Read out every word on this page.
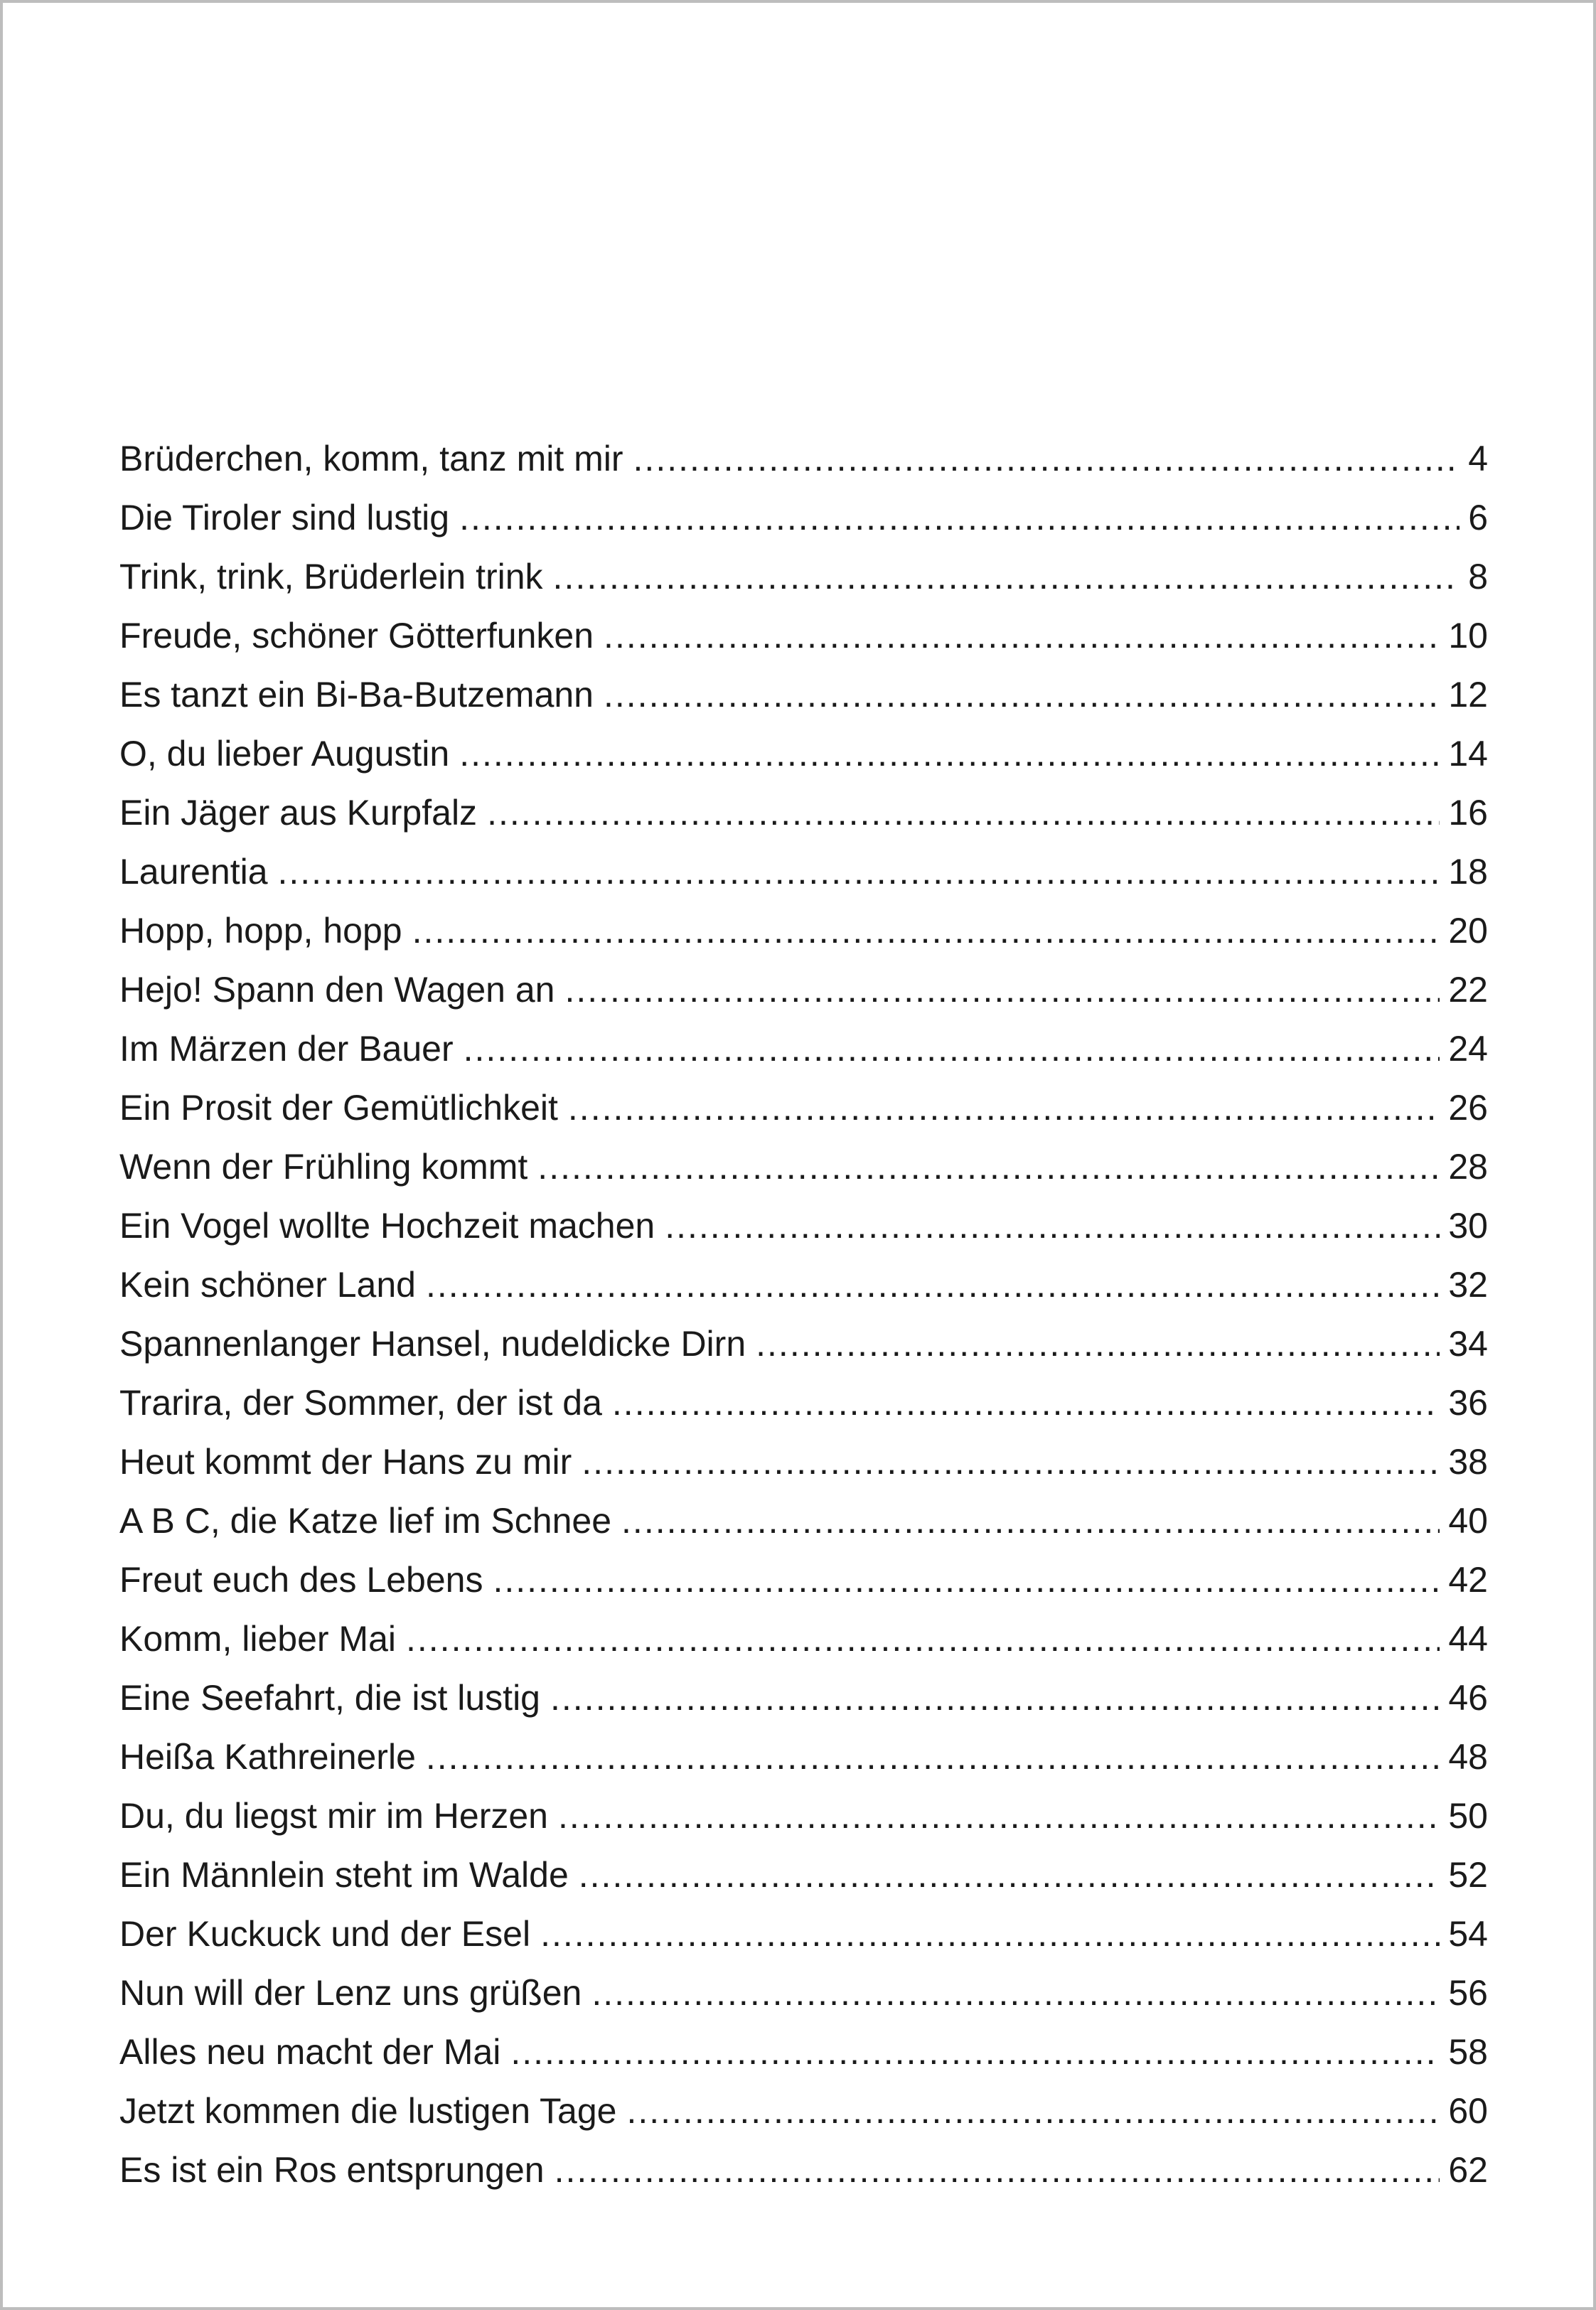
Brüderchen, komm, tanz mit mir .....	4
Die Tiroler sind lustig .....	6
Trink, trink, Brüderlein trink .....	8
Freude, schöner Götterfunken .....	10
Es tanzt ein Bi-Ba-Butzemann .....	12
O, du lieber Augustin .....	14
Ein Jäger aus Kurpfalz .....	16
Laurentia .....	18
Hopp, hopp, hopp .....	20
Hejo! Spann den Wagen an .....	22
Im Märzen der Bauer .....	24
Ein Prosit der Gemütlichkeit .....	26
Wenn der Frühling kommt .....	28
Ein Vogel wollte Hochzeit machen .....	30
Kein schöner Land .....	32
Spannenlanger Hansel, nudeldicke Dirn .....	34
Trarira, der Sommer, der ist da .....	36
Heut kommt der Hans zu mir .....	38
A B C, die Katze lief im Schnee .....	40
Freut euch des Lebens .....	42
Komm, lieber Mai .....	44
Eine Seefahrt, die ist lustig .....	46
Heißa Kathreinerle .....	48
Du, du liegst mir im Herzen .....	50
Ein Männlein steht im Walde .....	52
Der Kuckuck und der Esel .....	54
Nun will der Lenz uns grüßen .....	56
Alles neu macht der Mai .....	58
Jetzt kommen die lustigen Tage .....	60
Es ist ein Ros entsprungen .....	62
